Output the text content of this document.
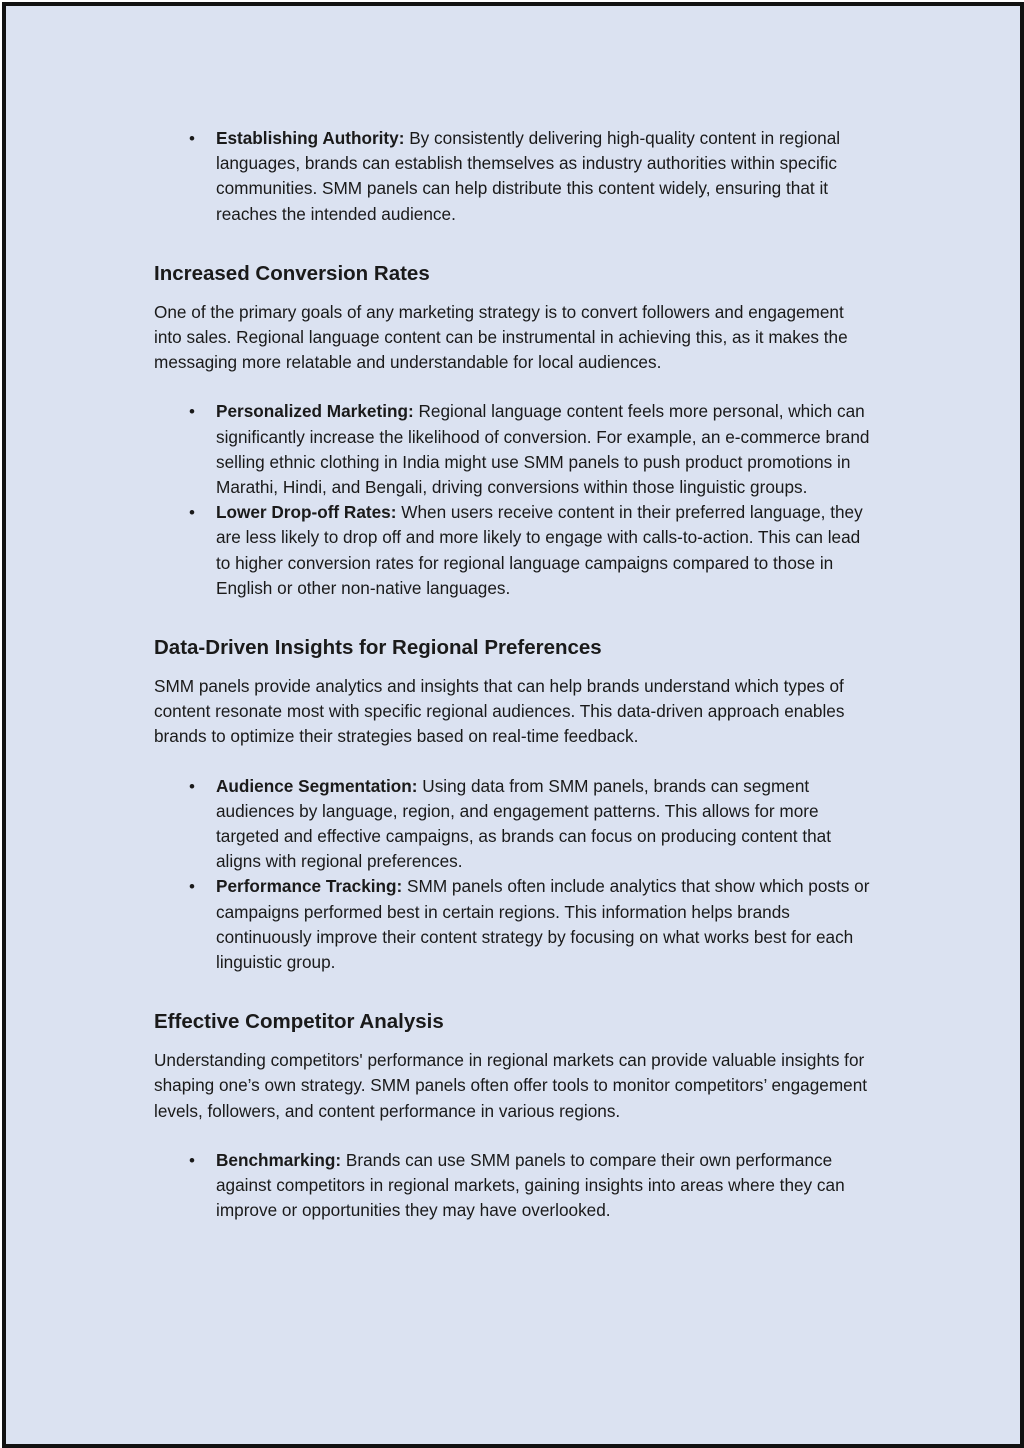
• Establishing Authority: By consistently delivering high-quality content in regional languages, brands can establish themselves as industry authorities within specific communities. SMM panels can help distribute this content widely, ensuring that it reaches the intended audience.
Increased Conversion Rates

One of the primary goals of any marketing strategy is to convert followers and engagement into sales. Regional language content can be instrumental in achieving this, as it makes the messaging more relatable and understandable for local audiences.

• Personalized Marketing: Regional language content feels more personal, which can significantly increase the likelihood of conversion. For example, an e-commerce brand selling ethnic clothing in India might use SMM panels to push product promotions in Marathi, Hindi, and Bengali, driving conversions within those linguistic groups.
• Lower Drop-off Rates: When users receive content in their preferred language, they are less likely to drop off and more likely to engage with calls-to-action. This can lead to higher conversion rates for regional language campaigns compared to those in English or other non-native languages.
Data-Driven Insights for Regional Preferences

SMM panels provide analytics and insights that can help brands understand which types of content resonate most with specific regional audiences. This data-driven approach enables brands to optimize their strategies based on real-time feedback.

• Audience Segmentation: Using data from SMM panels, brands can segment audiences by language, region, and engagement patterns. This allows for more targeted and effective campaigns, as brands can focus on producing content that aligns with regional preferences.
• Performance Tracking: SMM panels often include analytics that show which posts or campaigns performed best in certain regions. This information helps brands continuously improve their content strategy by focusing on what works best for each linguistic group.
Effective Competitor Analysis

Understanding competitors' performance in regional markets can provide valuable insights for shaping one’s own strategy. SMM panels often offer tools to monitor competitors’ engagement levels, followers, and content performance in various regions.

• Benchmarking: Brands can use SMM panels to compare their own performance against competitors in regional markets, gaining insights into areas where they can improve or opportunities they may have overlooked.
